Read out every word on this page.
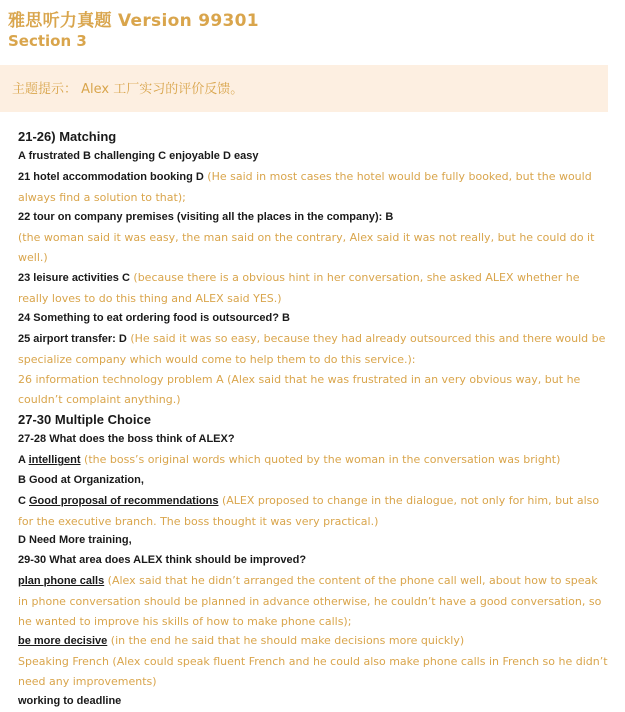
雅思听力真题 Version 99301
Section 3
主题提示： Alex 工厂实习的评价反馈。

21-26) Matching

A frustrated B challenging C enjoyable D easy

21 hotel accommodation booking D (He said in most cases the hotel would be fully booked, but the would always find a solution to that);

22 tour on company premises (visiting all the places in the company): B
(the woman said it was easy, the man said on the contrary, Alex said it was not really, but he could do it well.)

23 leisure activities C (because there is a obvious hint in her conversation, she asked ALEX whether he really loves to do this thing and ALEX said YES.)

24 Something to eat ordering food is outsourced? B

25 airport transfer: D (He said it was so easy, because they had already outsourced this and there would be specialize company which would come to help them to do this service.):

26 information technology problem A (Alex said that he was frustrated in an very obvious way, but he couldn’t complaint anything.)

27-30 Multiple Choice

27-28 What does the boss think of ALEX?

A intelligent (the boss’s original words which quoted by the woman in the conversation was bright)

B Good at Organization,

C Good proposal of recommendations (ALEX proposed to change in the dialogue, not only for him, but also for the executive branch. The boss thought it was very practical.)

D Need More training,

29-30 What area does ALEX think should be improved?

plan phone calls (Alex said that he didn’t arranged the content of the phone call well, about how to speak in phone conversation should be planned in advance otherwise, he couldn’t have a good conversation, so he wanted to improve his skills of how to make phone calls);

be more decisive (in the end he said that he should make decisions more quickly)

Speaking French (Alex could speak fluent French and he could also make phone calls in French so he didn’t need any improvements)

working to deadline
